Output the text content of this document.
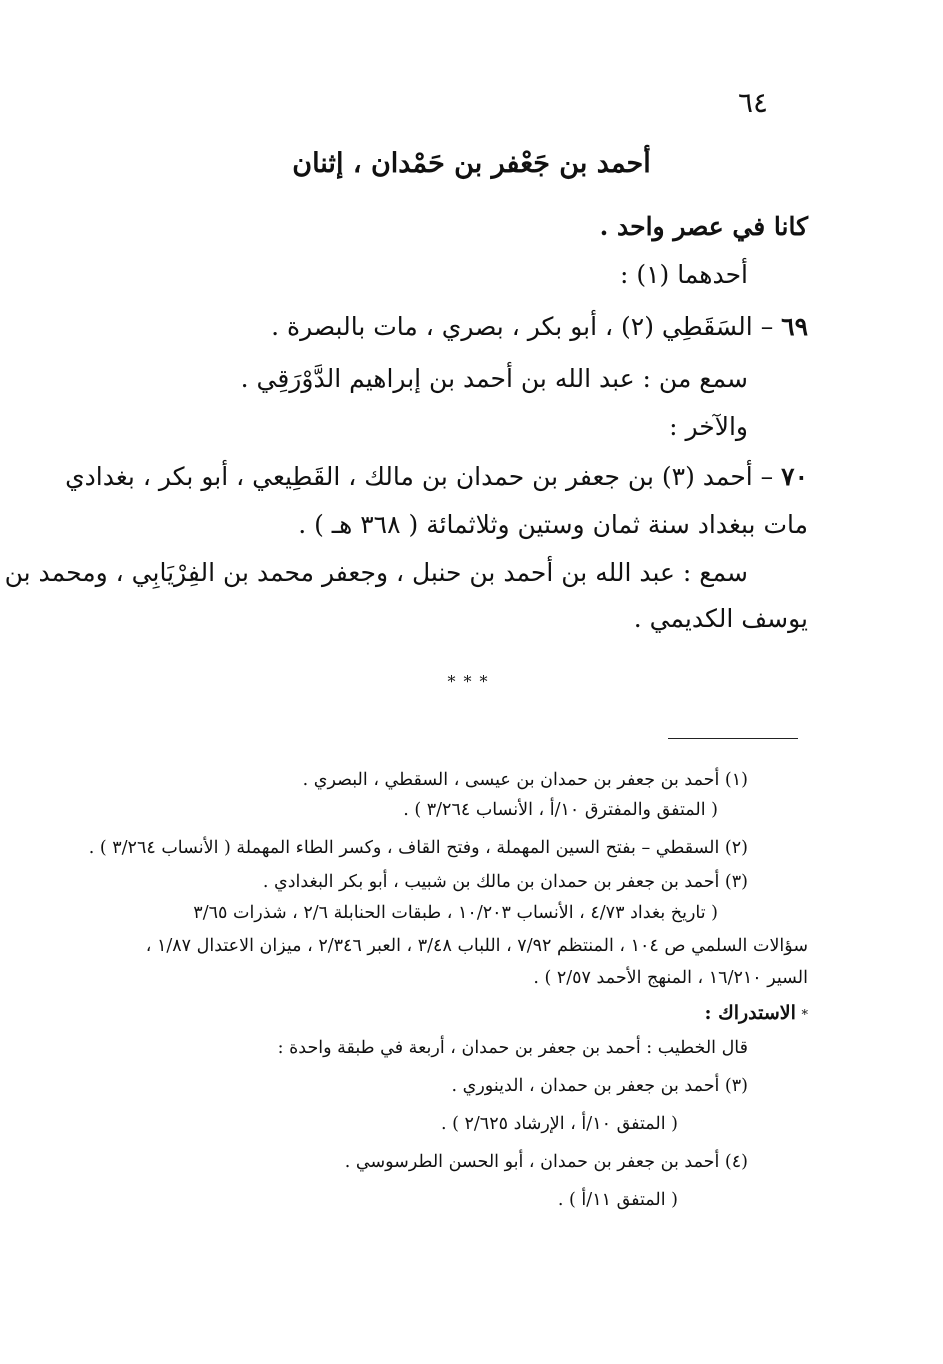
٦٤
أحمد بن جَعْفر بن حَمْدان ، إثنان
كانا في عصر واحد .
أحدهما (١) :
٦٩ – السَقَطِي (٢) ، أبو بكر ، بصري ، مات بالبصرة .
سمع من : عبد الله بن أحمد بن إبراهيم الدَّوْرَقِي .
والآخر :
٧٠ – أحمد (٣) بن جعفر بن حمدان بن مالك ، القَطِيعي ، أبو بكر ، بغدادي
مات ببغداد سنة ثمان وستين وثلاثمائة ( ٣٦٨ هـ ) .
سمع : عبد الله بن أحمد بن حنبل ، وجعفر محمد بن الفِرْيَابِي ، ومحمد بن
يوسف الكديمي .
***
(١) أحمد بن جعفر بن حمدان بن عيسى ، السقطي ، البصري .
( المتفق والمفترق ١٠/أ ، الأنساب ٣/٢٦٤ ) .
(٢) السقطي – بفتح السين المهملة ، وفتح القاف ، وكسر الطاء المهملة ( الأنساب ٣/٢٦٤ ) .
(٣) أحمد بن جعفر بن حمدان بن مالك بن شبيب ، أبو بكر البغدادي .
( تاريخ بغداد ٤/٧٣ ، الأنساب ١٠/٢٠٣ ، طبقات الحنابلة ٢/٦ ، شذرات ٣/٦٥
سؤالات السلمي ص ١٠٤ ، المنتظم ٧/٩٢ ، اللباب ٣/٤٨ ، العبر ٢/٣٤٦ ، ميزان الاعتدال ١/٨٧ ،
السير ١٦/٢١٠ ، المنهج الأحمد ٢/٥٧ ) .
* الاستدراك :
قال الخطيب : أحمد بن جعفر بن حمدان ، أربعة في طبقة واحدة :
(٣) أحمد بن جعفر بن حمدان ، الدينوري .
( المتفق ١٠/أ ، الإرشاد ٢/٦٢٥ ) .
(٤) أحمد بن جعفر بن حمدان ، أبو الحسن الطرسوسي .
( المتفق ١١/أ ) .
